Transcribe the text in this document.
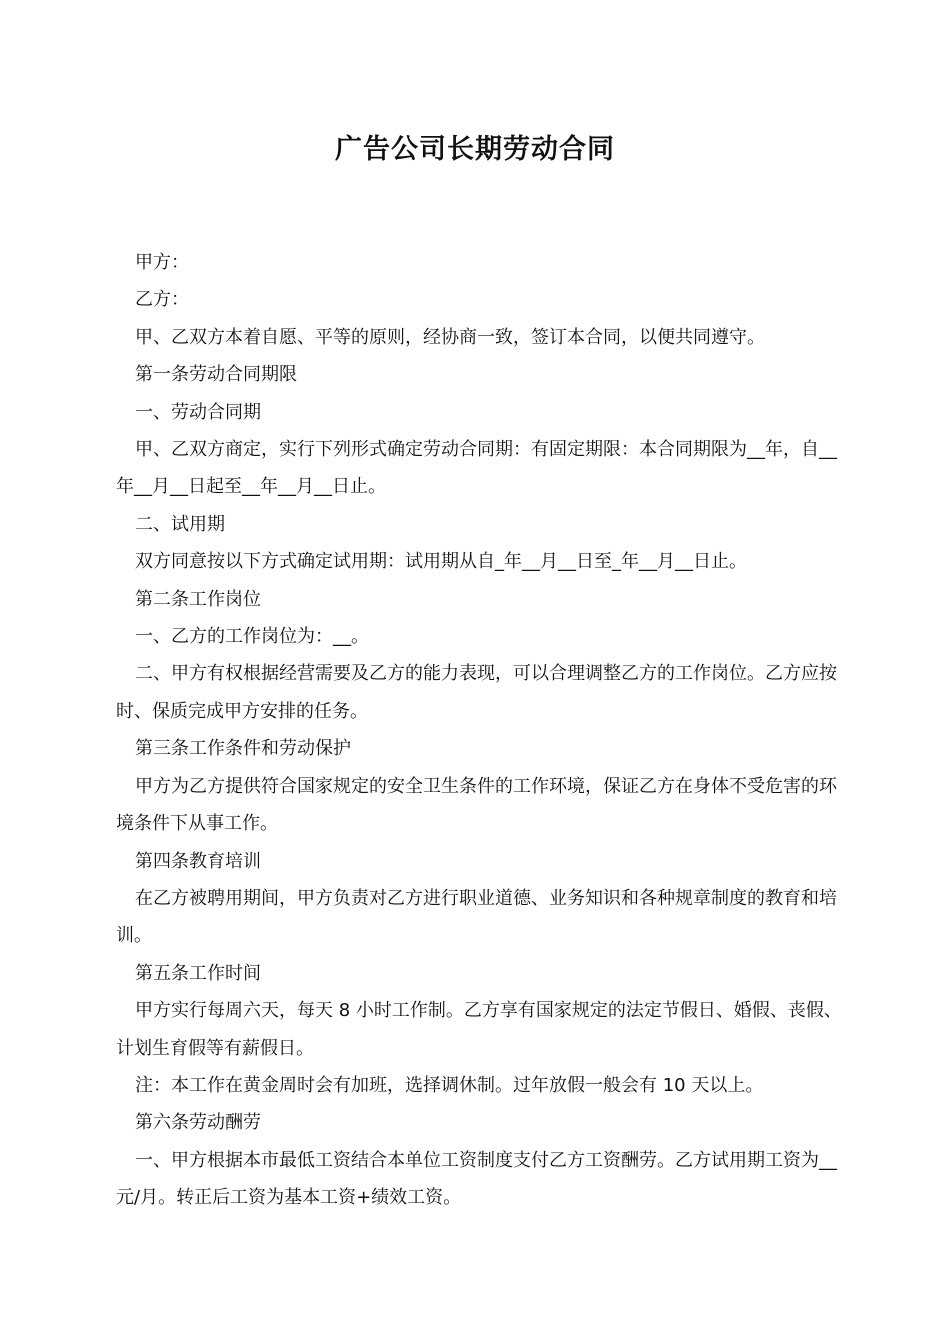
广告公司长期劳动合同

甲方：

乙方：

甲、乙双方本着自愿、平等的原则，经协商一致，签订本合同，以便共同遵守。

第一条劳动合同期限

一、劳动合同期

甲、乙双方商定，实行下列形式确定劳动合同期：有固定期限：本合同期限为__年，自__年__月__日起至__年__月__日止。

二、试用期

双方同意按以下方式确定试用期：试用期从自_年__月__日至_年__月__日止。

第二条工作岗位

一、乙方的工作岗位为：__。

二、甲方有权根据经营需要及乙方的能力表现，可以合理调整乙方的工作岗位。乙方应按时、保质完成甲方安排的任务。

第三条工作条件和劳动保护

甲方为乙方提供符合国家规定的安全卫生条件的工作环境，保证乙方在身体不受危害的环境条件下从事工作。

第四条教育培训

在乙方被聘用期间，甲方负责对乙方进行职业道德、业务知识和各种规章制度的教育和培训。

第五条工作时间

甲方实行每周六天，每天 8 小时工作制。乙方享有国家规定的法定节假日、婚假、丧假、计划生育假等有薪假日。

注：本工作在黄金周时会有加班，选择调休制。过年放假一般会有 10 天以上。

第六条劳动酬劳

一、甲方根据本市最低工资结合本单位工资制度支付乙方工资酬劳。乙方试用期工资为__元/月。转正后工资为基本工资+绩效工资。
